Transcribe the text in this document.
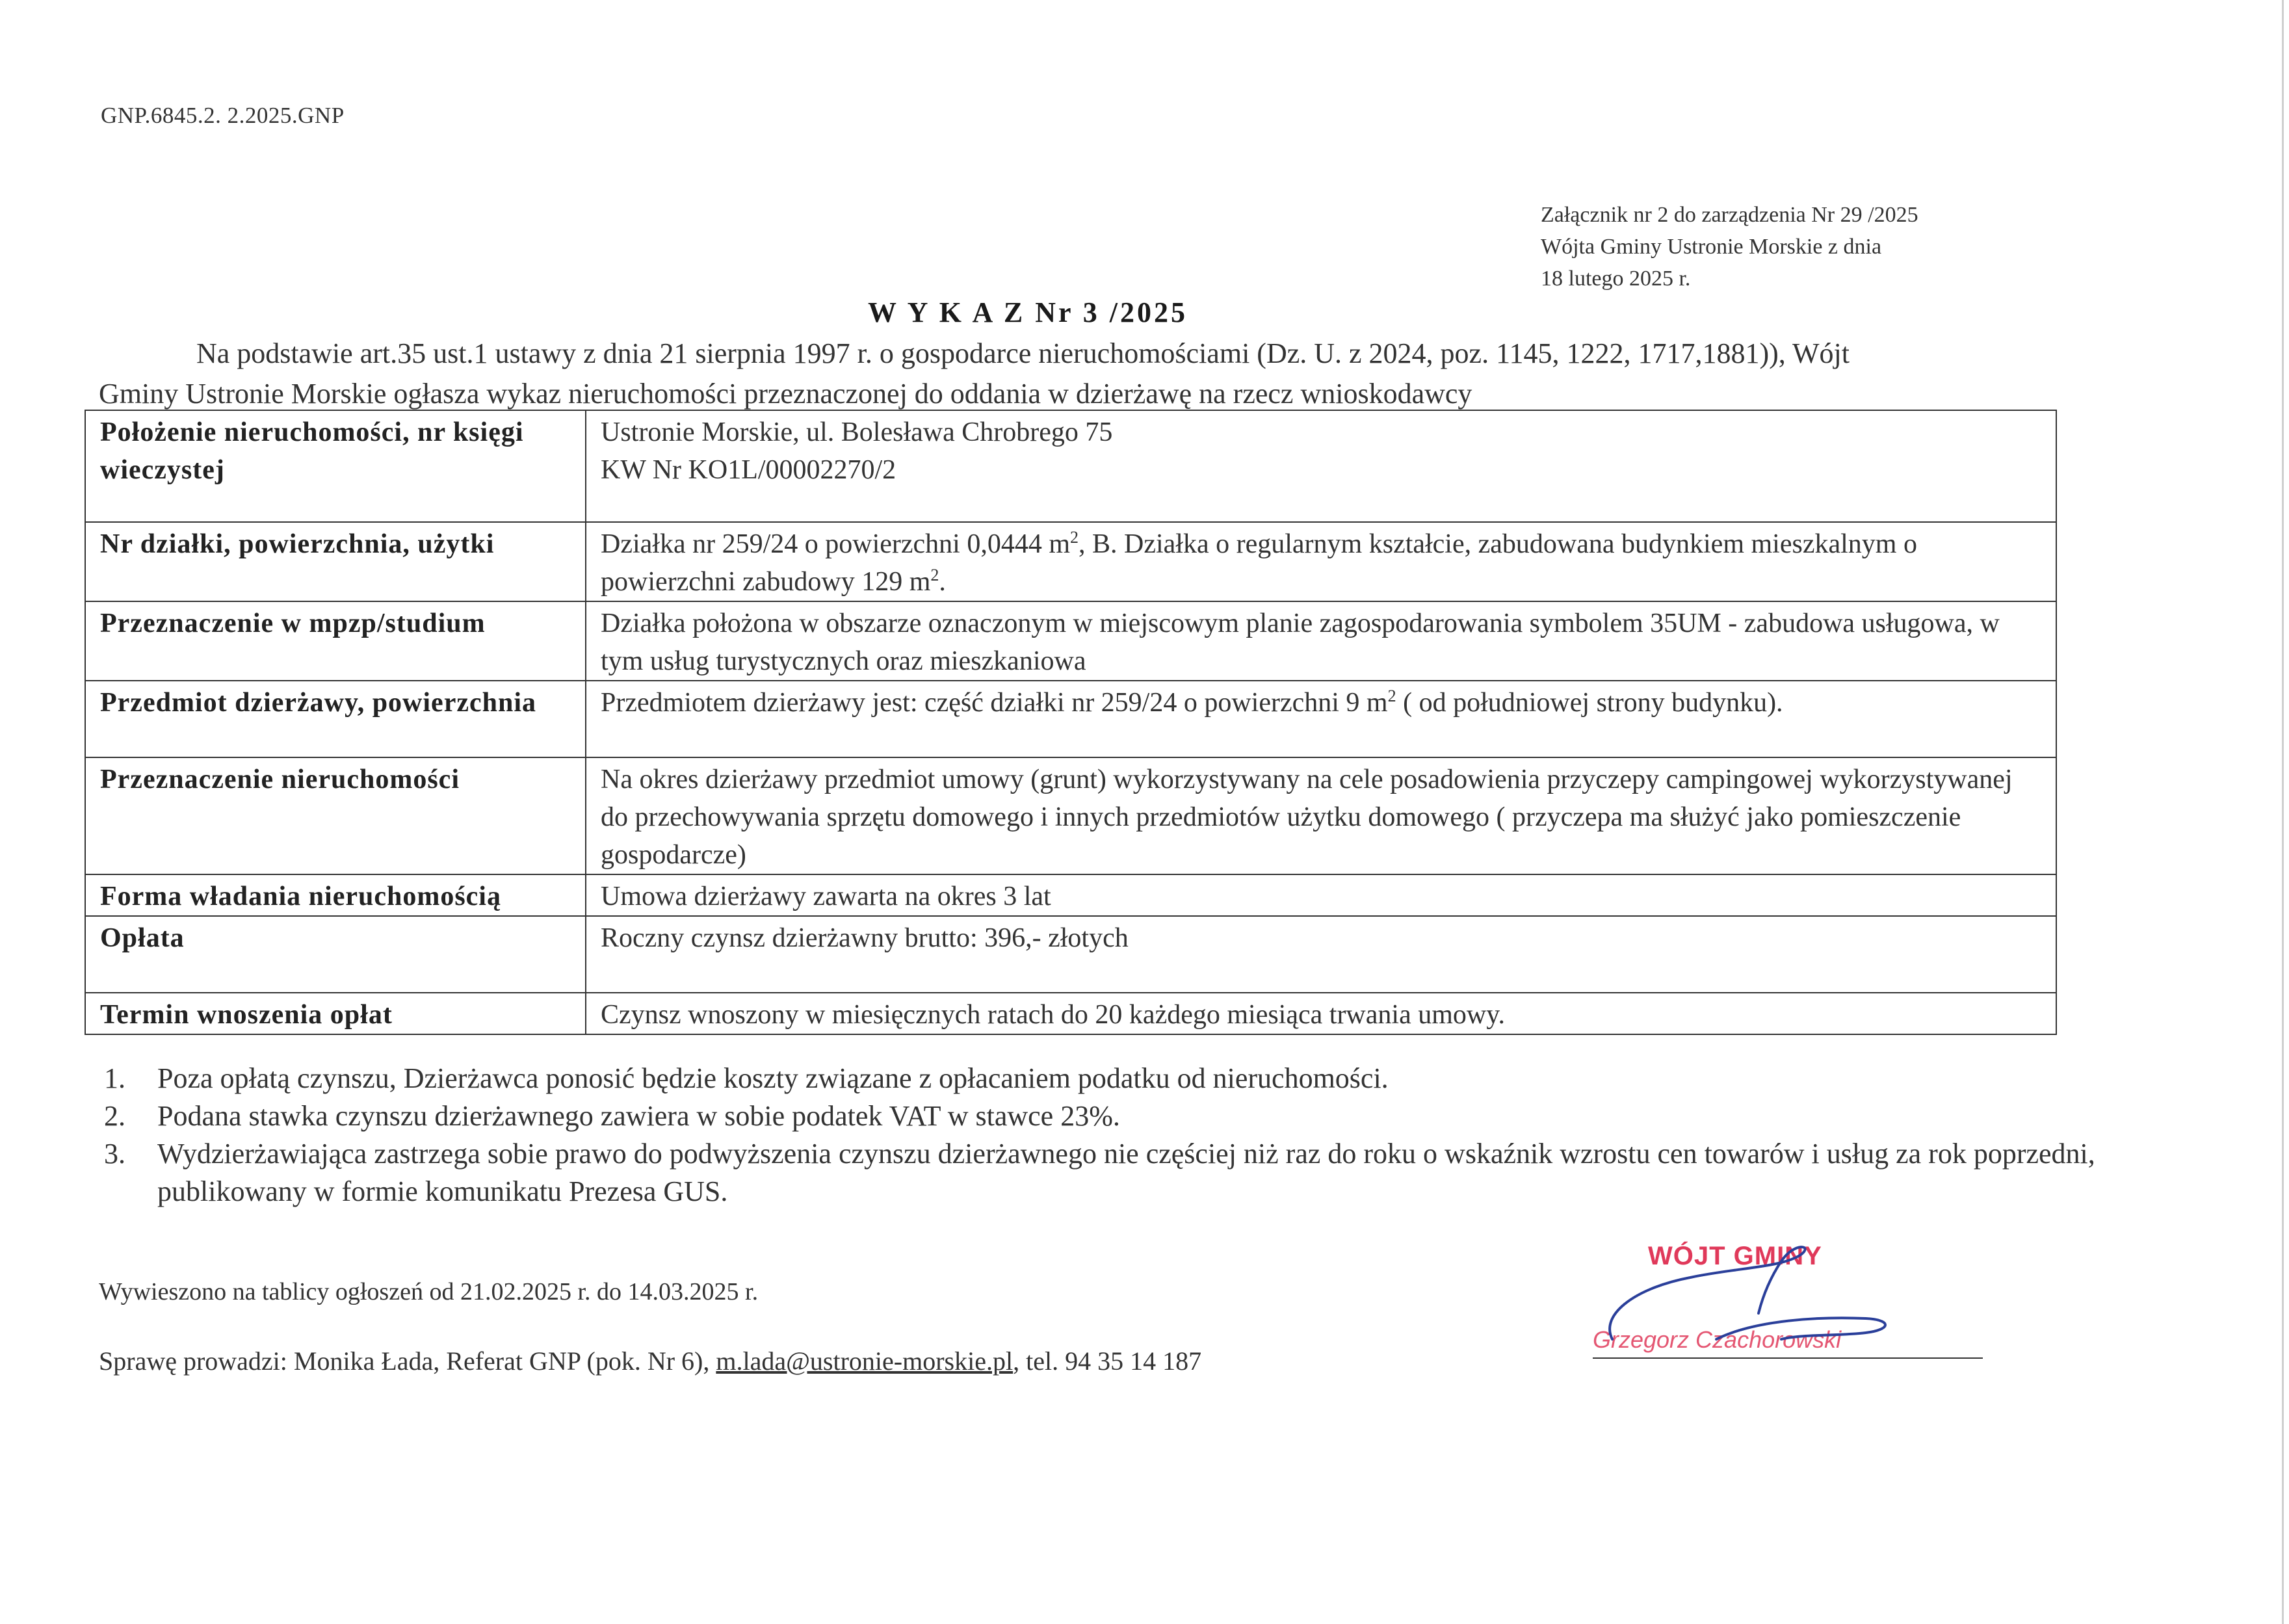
GNP.6845.2. 2.2025.GNP
Załącznik nr 2 do zarządzenia Nr 29 /2025
Wójta Gminy Ustronie Morskie z dnia
18 lutego 2025 r.
W Y K A Z Nr 3 /2025
Na podstawie art.35 ust.1 ustawy z dnia 21 sierpnia 1997 r. o gospodarce nieruchomościami (Dz. U. z 2024, poz. 1145, 1222, 1717,1881)), Wójt
Gminy Ustronie Morskie ogłasza wykaz nieruchomości przeznaczonej do oddania w dzierżawę na rzecz wnioskodawcy
Położenie nieruchomości, nr księgi wieczystej	Ustronie Morskie, ul. Bolesława Chrobrego 75
KW Nr KO1L/00002270/2

Nr działki, powierzchnia, użytki	Działka nr 259/24 o powierzchni 0,0444 $m^2$, B. Działka o regularnym kształcie, zabudowana budynkiem mieszkalnym o powierzchni zabudowy 129 $m^2$.
Przeznaczenie w mpzp/studium	Działka położona w obszarze oznaczonym w miejscowym planie zagospodarowania symbolem 35UM - zabudowa usługowa, w tym usług turystycznych oraz mieszkaniowa
Przedmiot dzierżawy, powierzchnia	Przedmiotem dzierżawy jest: część działki nr 259/24 o powierzchni 9 $m^2$ ( od południowej strony budynku).
Przeznaczenie nieruchomości	Na okres dzierżawy przedmiot umowy (grunt) wykorzystywany na cele posadowienia przyczepy campingowej wykorzystywanej do przechowywania sprzętu domowego i innych przedmiotów użytku domowego ( przyczepa ma służyć jako pomieszczenie gospodarcze)
Forma władania nieruchomością	Umowa dzierżawy zawarta na okres 3 lat
Opłata	Roczny czynsz dzierżawny brutto: 396,- złotych
Termin wnoszenia opłat	Czynsz wnoszony w miesięcznych ratach do 20 każdego miesiąca trwania umowy.
1. Poza opłatą czynszu, Dzierżawca ponosić będzie koszty związane z opłacaniem podatku od nieruchomości.
2. Podana stawka czynszu dzierżawnego zawiera w sobie podatek VAT w stawce 23%.
3. Wydzierżawiająca zastrzega sobie prawo do podwyższenia czynszu dzierżawnego nie częściej niż raz do roku o wskaźnik wzrostu cen towarów i usług za rok poprzedni, publikowany w formie komunikatu Prezesa GUS.
Wywieszono na tablicy ogłoszeń od 21.02.2025 r. do 14.03.2025 r.
Sprawę prowadzi: Monika Łada, Referat GNP (pok. Nr 6), m.lada@ustronie-morskie.pl, tel. 94 35 14 187
WÓJT GMINY
Grzegorz Czachorowski
